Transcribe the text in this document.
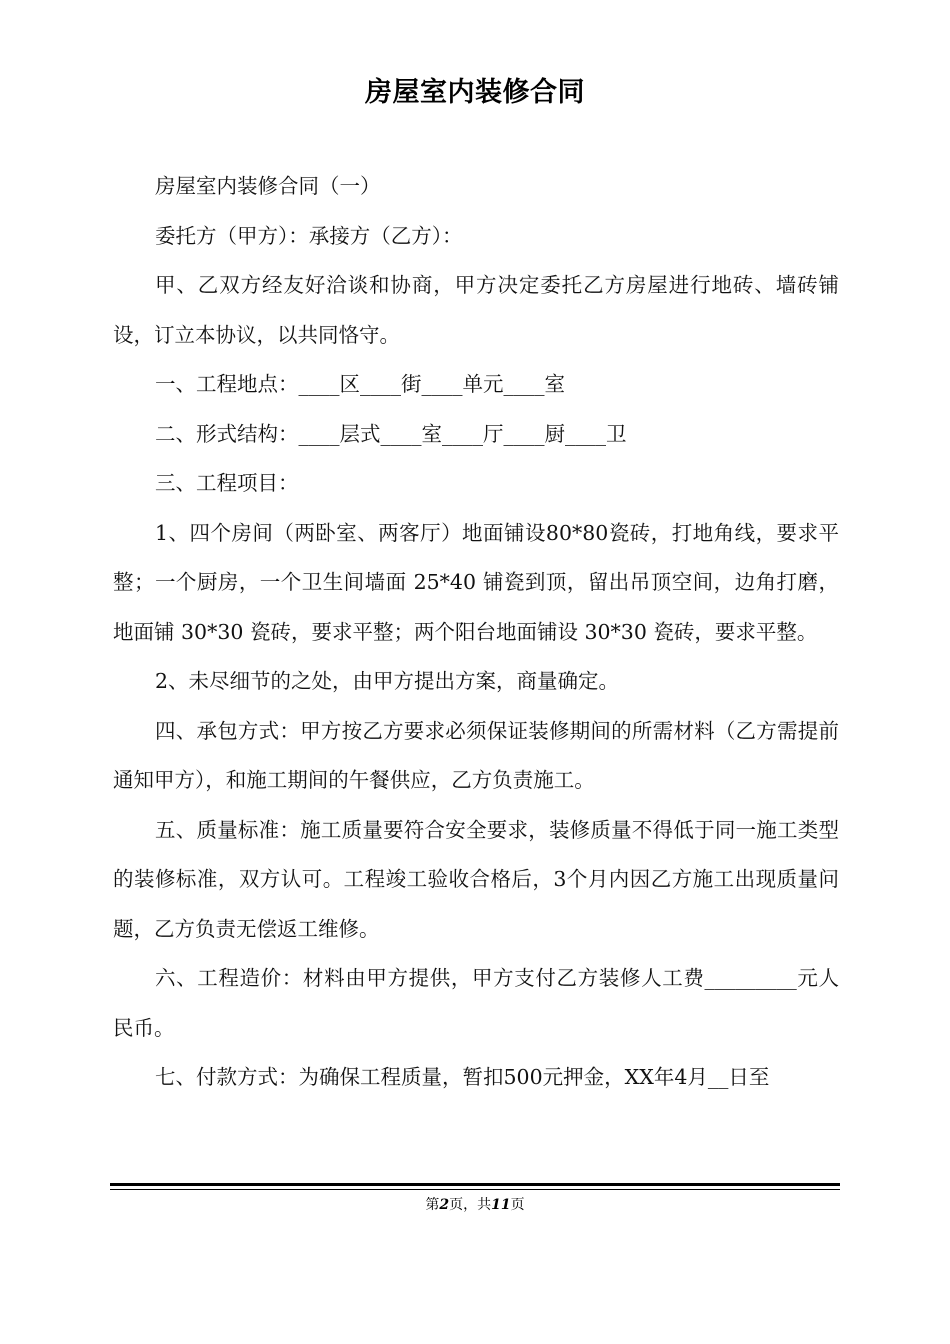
房屋室内装修合同

房屋室内装修合同（一）

委托方（甲方）：承接方（乙方）：

甲、乙双方经友好洽谈和协商，甲方决定委托乙方房屋进行地砖、墙砖铺设，订立本协议，以共同恪守。

一、工程地点：____区____街____单元____室

二、形式结构：____层式____室____厅____厨____卫

三、工程项目：

1、四个房间（两卧室、两客厅）地面铺设80*80瓷砖，打地角线，要求平整；一个厨房，一个卫生间墙面 25*40 铺瓷到顶，留出吊顶空间，边角打磨，地面铺 30*30 瓷砖，要求平整；两个阳台地面铺设 30*30 瓷砖，要求平整。

2、未尽细节的之处，由甲方提出方案，商量确定。

四、承包方式：甲方按乙方要求必须保证装修期间的所需材料（乙方需提前通知甲方），和施工期间的午餐供应，乙方负责施工。

五、质量标准：施工质量要符合安全要求，装修质量不得低于同一施工类型的装修标准，双方认可。工程竣工验收合格后，3个月内因乙方施工出现质量问题，乙方负责无偿返工维修。

六、工程造价：材料由甲方提供，甲方支付乙方装修人工费_________元人民币。

七、付款方式：为确保工程质量，暂扣500元押金，XX年4月__日至

第2页，共11页
